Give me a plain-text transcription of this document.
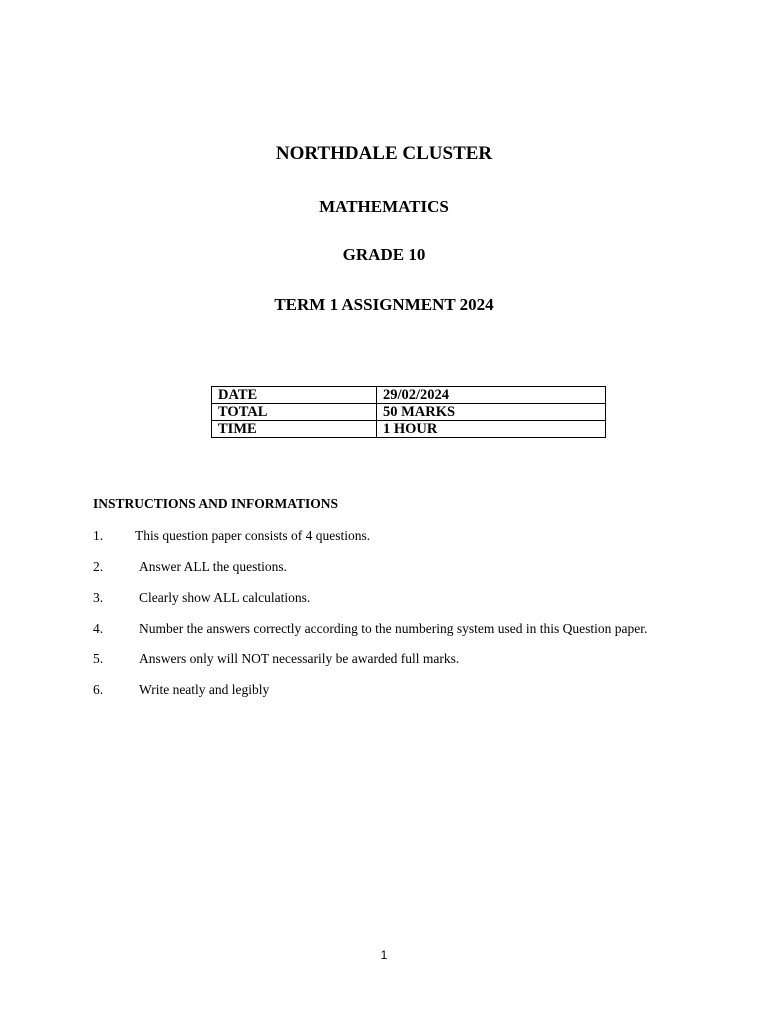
NORTHDALE CLUSTER
MATHEMATICS
GRADE 10
TERM 1 ASSIGNMENT 2024
DATE	29/02/2024
TOTAL	50 MARKS
TIME	1 HOUR

INSTRUCTIONS AND INFORMATIONS

1. This question paper consists of 4 questions.
2.	Answer ALL the questions.
3.	Clearly show ALL calculations.
4.	Number the answers correctly according to the numbering system used in this Question paper.
5.	Answers only will NOT necessarily be awarded full marks.
6.	Write neatly and legibly
1
